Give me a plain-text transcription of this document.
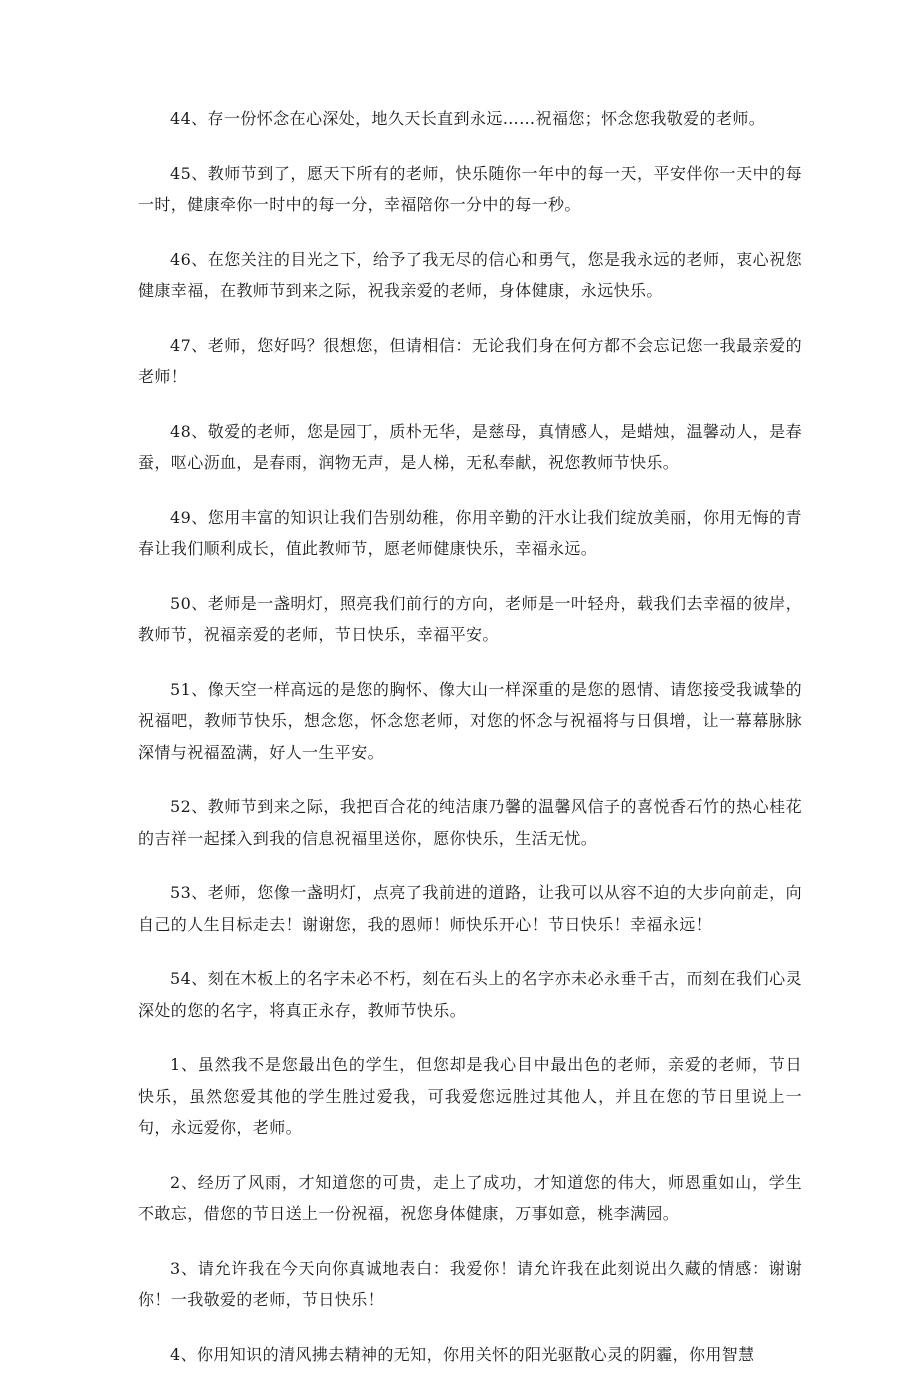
44、存一份怀念在心深处，地久天长直到永远……祝福您；怀念您我敬爱的老师。

45、教师节到了，愿天下所有的老师，快乐随你一年中的每一天，平安伴你一天中的每一时，健康牵你一时中的每一分，幸福陪你一分中的每一秒。

46、在您关注的目光之下，给予了我无尽的信心和勇气，您是我永远的老师，衷心祝您健康幸福，在教师节到来之际，祝我亲爱的老师，身体健康，永远快乐。

47、老师，您好吗？很想您，但请相信：无论我们身在何方都不会忘记您一我最亲爱的老师！

48、敬爱的老师，您是园丁，质朴无华，是慈母，真情感人，是蜡烛，温馨动人，是春蚕，呕心沥血，是春雨，润物无声，是人梯，无私奉献，祝您教师节快乐。

49、您用丰富的知识让我们告别幼稚，你用辛勤的汗水让我们绽放美丽，你用无悔的青春让我们顺利成长，值此教师节，愿老师健康快乐，幸福永远。

50、老师是一盏明灯，照亮我们前行的方向，老师是一叶轻舟，载我们去幸福的彼岸，教师节，祝福亲爱的老师，节日快乐，幸福平安。

51、像天空一样高远的是您的胸怀、像大山一样深重的是您的恩情、请您接受我诚挚的祝福吧，教师节快乐，想念您，怀念您老师，对您的怀念与祝福将与日俱增，让一幕幕脉脉深情与祝福盈满，好人一生平安。

52、教师节到来之际，我把百合花的纯洁康乃馨的温馨风信子的喜悦香石竹的热心桂花的吉祥一起揉入到我的信息祝福里送你，愿你快乐，生活无忧。

53、老师，您像一盏明灯，点亮了我前进的道路，让我可以从容不迫的大步向前走，向自己的人生目标走去！谢谢您，我的恩师！师快乐开心！节日快乐！幸福永远！

54、刻在木板上的名字未必不朽，刻在石头上的名字亦未必永垂千古，而刻在我们心灵深处的您的名字，将真正永存，教师节快乐。

1、虽然我不是您最出色的学生，但您却是我心目中最出色的老师，亲爱的老师，节日快乐，虽然您爱其他的学生胜过爱我，可我爱您远胜过其他人，并且在您的节日里说上一句，永远爱你，老师。

2、经历了风雨，才知道您的可贵，走上了成功，才知道您的伟大，师恩重如山，学生不敢忘，借您的节日送上一份祝福，祝您身体健康，万事如意，桃李满园。

3、请允许我在今天向你真诚地表白：我爱你！请允许我在此刻说出久藏的情感：谢谢你！一我敬爱的老师，节日快乐！

4、你用知识的清风拂去精神的无知，你用关怀的阳光驱散心灵的阴霾，你用智慧
